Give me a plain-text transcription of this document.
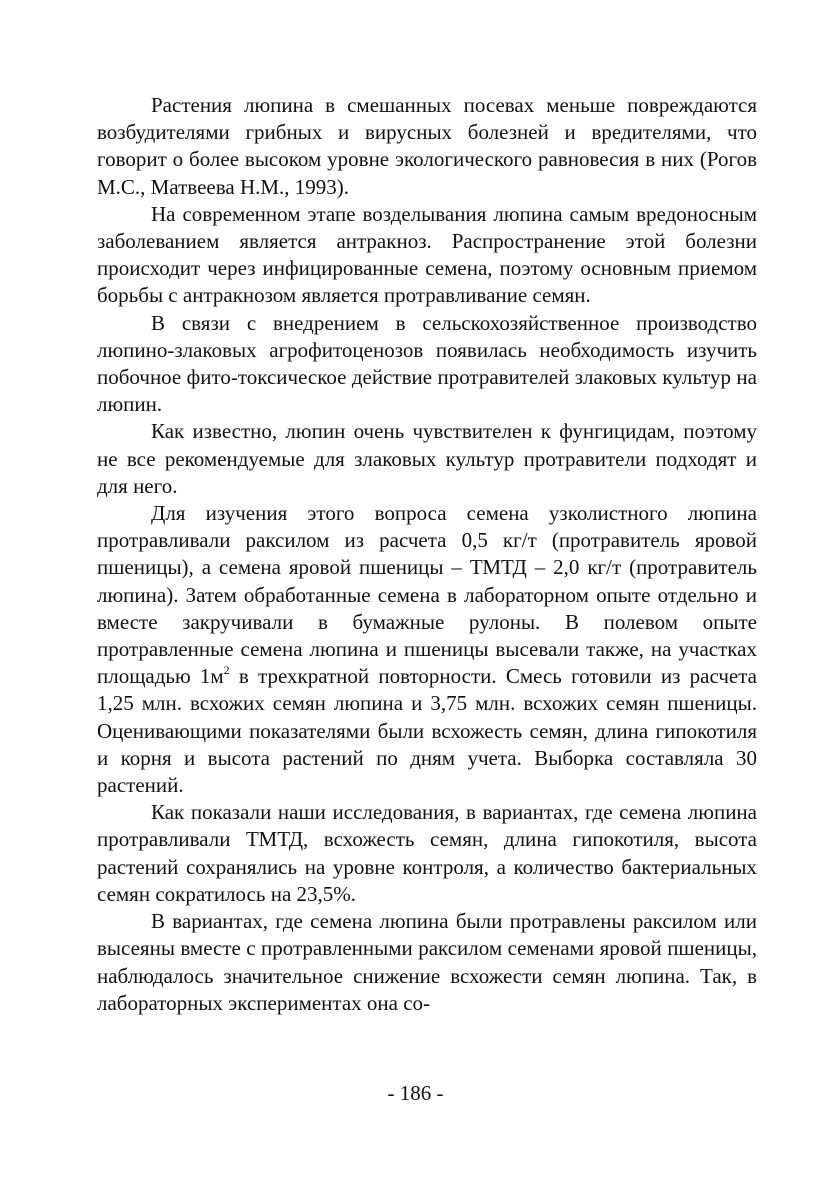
Растения люпина в смешанных посевах меньше повреждаются возбудителями грибных и вирусных болезней и вредителями, что говорит о более высоком уровне экологического равновесия в них (Рогов М.С., Матвеева Н.М., 1993).

На современном этапе возделывания люпина самым вредоносным заболеванием является антракноз. Распространение этой болезни происходит через инфицированные семена, поэтому основным приемом борьбы с антракнозом является протравливание семян.

В связи с внедрением в сельскохозяйственное производство люпино-злаковых агрофитоценозов появилась необходимость изучить побочное фито-токсическое действие протравителей злаковых культур на люпин.

Как известно, люпин очень чувствителен к фунгицидам, поэтому не все рекомендуемые для злаковых культур протравители подходят и для него.

Для изучения этого вопроса семена узколистного люпина протравливали раксилом из расчета 0,5 кг/т (протравитель яровой пшеницы), а семена яровой пшеницы – ТМТД – 2,0 кг/т (протравитель люпина). Затем обработанные семена в лабораторном опыте отдельно и вместе закручивали в бумажные рулоны. В полевом опыте протравленные семена люпина и пшеницы высевали также, на участках площадью $1м^2$ в трехкратной повторности. Смесь готовили из расчета 1,25 млн. всхожих семян люпина и 3,75 млн. всхожих семян пшеницы. Оценивающими показателями были всхожесть семян, длина гипокотиля и корня и высота растений по дням учета. Выборка составляла 30 растений.

Как показали наши исследования, в вариантах, где семена люпина протравливали ТМТД, всхожесть семян, длина гипокотиля, высота растений сохранялись на уровне контроля, а количество бактериальных семян сократилось на 23,5%.

В вариантах, где семена люпина были протравлены раксилом или высеяны вместе с протравленными раксилом семенами яровой пшеницы, наблюдалось значительное снижение всхожести семян люпина. Так, в лабораторных экспериментах она со-

- 186 -
